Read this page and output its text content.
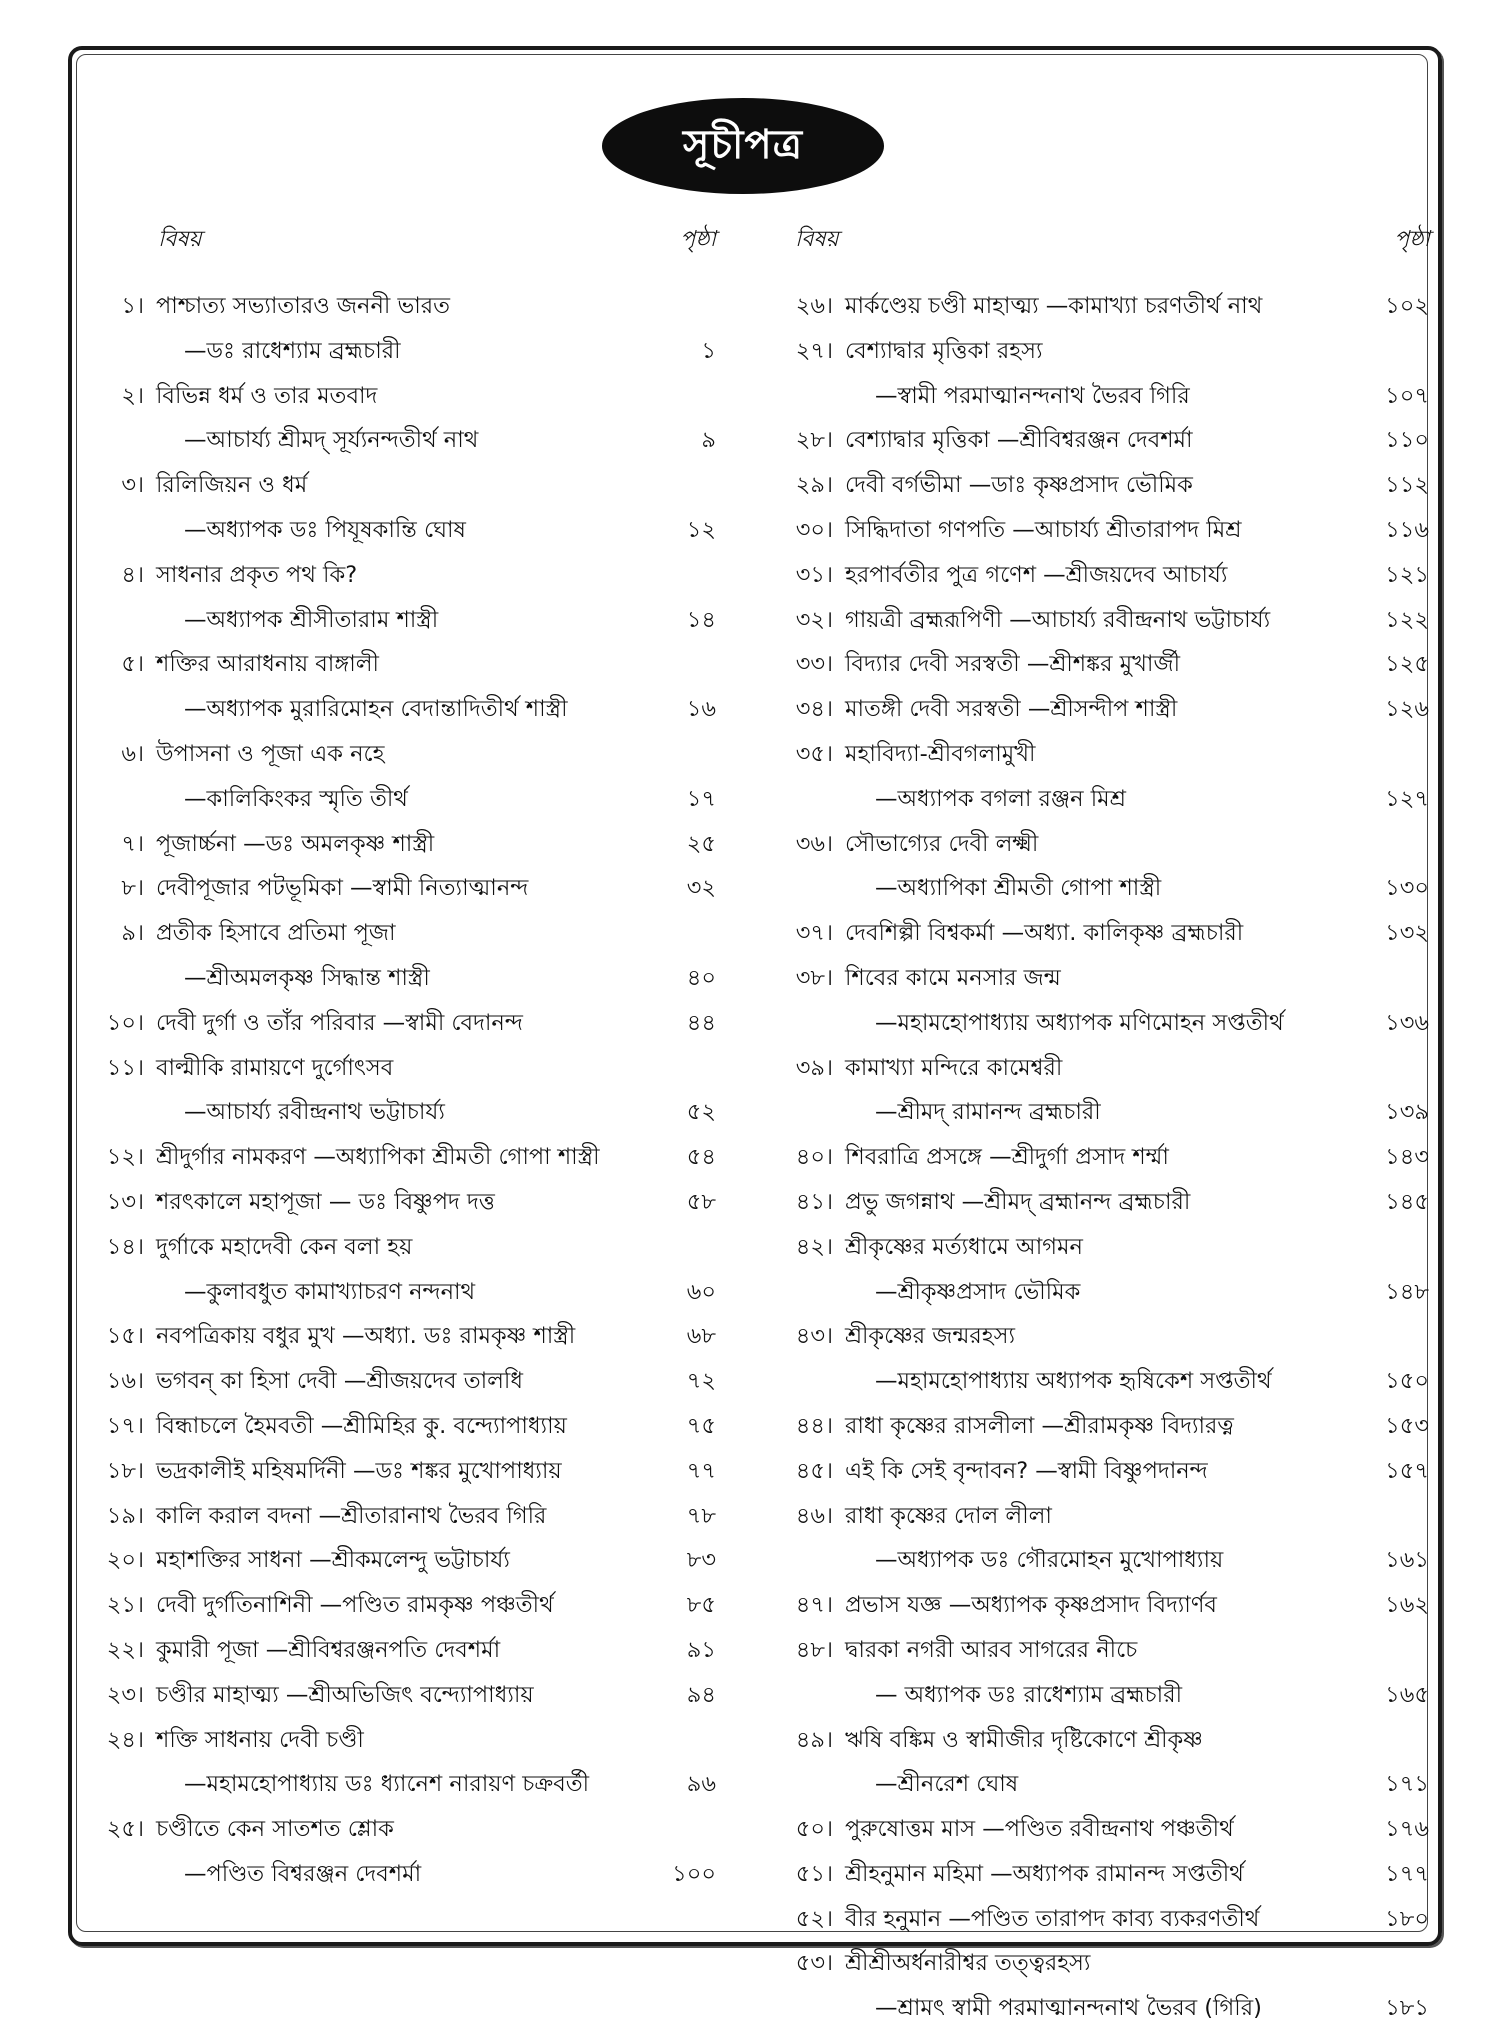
সূচীপত্র
বিষয়	পৃষ্ঠা
১। পাশ্চাত্য সভ্যাতারও জননী ভারত
—ডঃ রাধেশ্যাম ব্রহ্মচারী	১
২। বিভিন্ন ধর্ম ও তার মতবাদ
—আচার্য্য শ্রীমদ্ সূর্য্যনন্দতীর্থ নাথ	৯
৩। রিলিজিয়ন ও ধর্ম
—অধ্যাপক ডঃ পিযূষকান্তি ঘোষ	১২
৪। সাধনার প্রকৃত পথ কি?
—অধ্যাপক শ্রীসীতারাম শাস্ত্রী	১৪
৫। শক্তির আরাধনায় বাঙ্গালী
—অধ্যাপক মুরারিমোহন বেদান্তাদিতীর্থ শাস্ত্রী	১৬
৬। উপাসনা ও পূজা এক নহে
—কালিকিংকর স্মৃতি তীর্থ	১৭
৭। পূজার্চ্চনা —ডঃ অমলকৃষ্ণ শাস্ত্রী	২৫
৮। দেবীপূজার পটভূমিকা —স্বামী নিত্যাত্মানন্দ	৩২
৯। প্রতীক হিসাবে প্রতিমা পূজা
—শ্রীঅমলকৃষ্ণ সিদ্ধান্ত শাস্ত্রী	৪০
১০। দেবী দুর্গা ও তাঁর পরিবার —স্বামী বেদানন্দ	৪৪
১১। বাল্মীকি রামায়ণে দুর্গোৎসব
—আচার্য্য রবীন্দ্রনাথ ভট্টাচার্য্য	৫২
১২। শ্রীদুর্গার নামকরণ —অধ্যাপিকা শ্রীমতী গোপা শাস্ত্রী	৫৪
১৩। শরৎকালে মহাপূজা — ডঃ বিষ্ণুপদ দত্ত	৫৮
১৪। দুর্গাকে মহাদেবী কেন বলা হয়
—কুলাবধুত কামাখ্যাচরণ নন্দনাথ	৬০
১৫। নবপত্রিকায় বধুর মুখ —অধ্যা. ডঃ রামকৃষ্ণ শাস্ত্রী	৬৮
১৬। ভগবন্ কা হিসা দেবী —শ্রীজয়দেব তালধি	৭২
১৭। বিন্ধাচলে হৈমবতী —শ্রীমিহির কু. বন্দ্যোপাধ্যায়	৭৫
১৮। ভদ্রকালীই মহিষমর্দিনী —ডঃ শঙ্কর মুখোপাধ্যায়	৭৭
১৯। কালি করাল বদনা —শ্রীতারানাথ ভৈরব গিরি	৭৮
২০। মহাশক্তির সাধনা —শ্রীকমলেন্দু ভট্টাচার্য্য	৮৩
২১। দেবী দুর্গতিনাশিনী —পণ্ডিত রামকৃষ্ণ পঞ্চতীর্থ	৮৫
২২। কুমারী পূজা —শ্রীবিশ্বরঞ্জনপতি দেবশর্মা	৯১
২৩। চণ্ডীর মাহাত্ম্য —শ্রীঅভিজিৎ বন্দ্যোপাধ্যায়	৯৪
২৪। শক্তি সাধনায় দেবী চণ্ডী
—মহামহোপাধ্যায় ডঃ ধ্যানেশ নারায়ণ চক্রবর্তী	৯৬
২৫। চণ্ডীতে কেন সাতশত শ্লোক
—পণ্ডিত বিশ্বরঞ্জন দেবশর্মা	১০০
বিষয়	পৃষ্ঠা
২৬। মার্কণ্ডেয় চণ্ডী মাহাত্ম্য —কামাখ্যা চরণতীর্থ নাথ	১০২
২৭। বেশ্যাদ্বার মৃত্তিকা রহস্য
—স্বামী পরমাত্মানন্দনাথ ভৈরব গিরি	১০৭
২৮। বেশ্যাদ্বার মৃত্তিকা —শ্রীবিশ্বরঞ্জন দেবশর্মা	১১০
২৯। দেবী বর্গভীমা —ডাঃ কৃষ্ণপ্রসাদ ভৌমিক	১১২
৩০। সিদ্ধিদাতা গণপতি —আচার্য্য শ্রীতারাপদ মিশ্র	১১৬
৩১। হরপার্বতীর পুত্র গণেশ —শ্রীজয়দেব আচার্য্য	১২১
৩২। গায়ত্রী ব্রহ্মরূপিণী —আচার্য্য রবীন্দ্রনাথ ভট্টাচার্য্য	১২২
৩৩। বিদ্যার দেবী সরস্বতী —শ্রীশঙ্কর মুখার্জী	১২৫
৩৪। মাতঙ্গী দেবী সরস্বতী —শ্রীসন্দীপ শাস্ত্রী	১২৬
৩৫। মহাবিদ্যা-শ্রীবগলামুখী
—অধ্যাপক বগলা রঞ্জন মিশ্র	১২৭
৩৬। সৌভাগ্যের দেবী লক্ষ্মী
—অধ্যাপিকা শ্রীমতী গোপা শাস্ত্রী	১৩০
৩৭। দেবশিল্পী বিশ্বকর্মা —অধ্যা. কালিকৃষ্ণ ব্রহ্মচারী	১৩২
৩৮। শিবের কামে মনসার জন্ম
—মহামহোপাধ্যায় অধ্যাপক মণিমোহন সপ্ততীর্থ	১৩৬
৩৯। কামাখ্যা মন্দিরে কামেশ্বরী
—শ্রীমদ্ রামানন্দ ব্রহ্মচারী	১৩৯
৪০। শিবরাত্রি প্রসঙ্গে —শ্রীদুর্গা প্রসাদ শর্ম্মা	১৪৩
৪১। প্রভু জগন্নাথ —শ্রীমদ্ ব্রহ্মানন্দ ব্রহ্মচারী	১৪৫
৪২। শ্রীকৃষ্ণের মর্ত্যধামে আগমন
—শ্রীকৃষ্ণপ্রসাদ ভৌমিক	১৪৮
৪৩। শ্রীকৃষ্ণের জন্মরহস্য
—মহামহোপাধ্যায় অধ্যাপক হৃষিকেশ সপ্ততীর্থ	১৫০
৪৪। রাধা কৃষ্ণের রাসলীলা —শ্রীরামকৃষ্ণ বিদ্যারত্ন	১৫৩
৪৫। এই কি সেই বৃন্দাবন? —স্বামী বিষ্ণুপদানন্দ	১৫৭
৪৬। রাধা কৃষ্ণের দোল লীলা
—অধ্যাপক ডঃ গৌরমোহন মুখোপাধ্যায়	১৬১
৪৭। প্রভাস যজ্ঞ —অধ্যাপক কৃষ্ণপ্রসাদ বিদ্যার্ণব	১৬২
৪৮। দ্বারকা নগরী আরব সাগরের নীচে
— অধ্যাপক ডঃ রাধেশ্যাম ব্রহ্মচারী	১৬৫
৪৯। ঋষি বঙ্কিম ও স্বামীজীর দৃষ্টিকোণে শ্রীকৃষ্ণ
—শ্রীনরেশ ঘোষ	১৭১
৫০। পুরুষোত্তম মাস —পণ্ডিত রবীন্দ্রনাথ পঞ্চতীর্থ	১৭৬
৫১। শ্রীহনুমান মহিমা —অধ্যাপক রামানন্দ সপ্ততীর্থ	১৭৭
৫২। বীর হনুমান —পণ্ডিত তারাপদ কাব্য ব্যকরণতীর্থ	১৮০
৫৩। শ্রীশ্রীঅর্ধনারীশ্বর তত্ত্বরহস্য
—শ্রামৎ স্বামী পরমাত্মানন্দনাথ ভৈরব (গিরি)	১৮১
